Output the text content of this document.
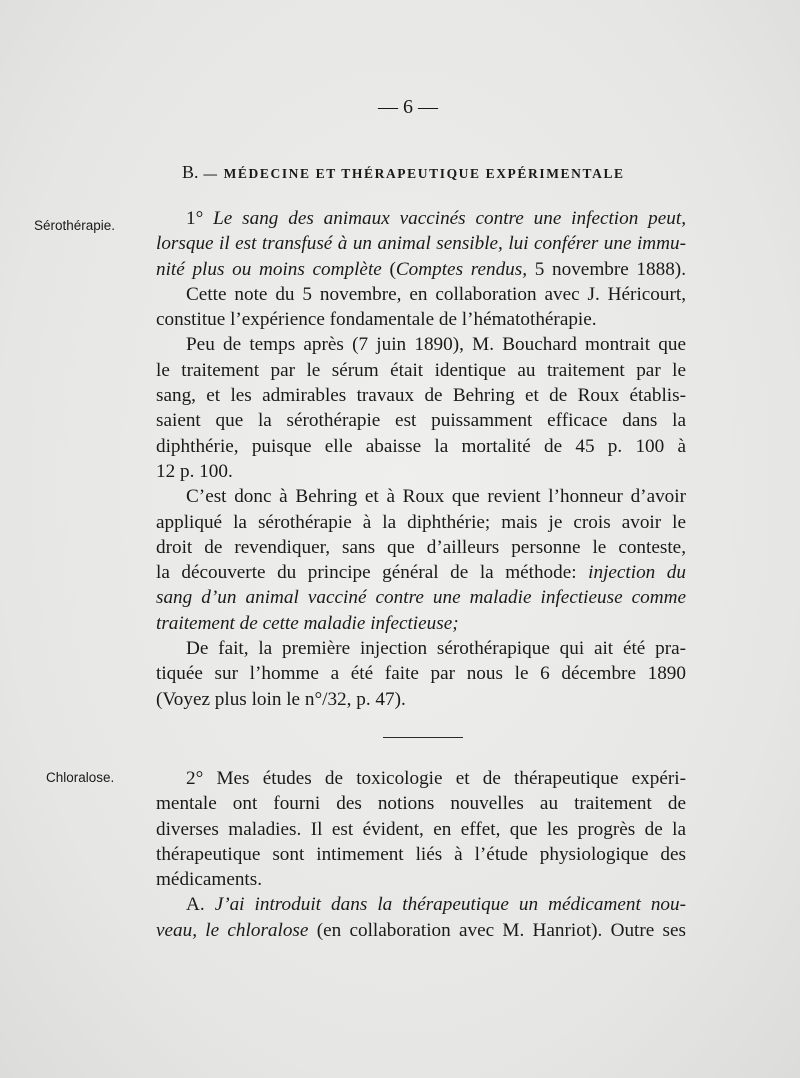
— 6 —
B. — MÉDECINE ET THÉRAPEUTIQUE EXPÉRIMENTALE
Sérothérapie.	1° Le sang des animaux vaccinés contre une infection peut,
lorsque il est transfusé à un animal sensible, lui conférer une immu-
nité plus ou moins complète (Comptes rendus, 5 novembre 1888).

Cette note du 5 novembre, en collaboration avec J. Héricourt,
constitue l’expérience fondamentale de l’hématothérapie.

Peu de temps après (7 juin 1890), M. Bouchard montrait que
le traitement par le sérum était identique au traitement par le
sang, et les admirables travaux de Behring et de Roux établis-
saient que la sérothérapie est puissamment efficace dans la
diphthérie, puisque elle abaisse la mortalité de 45 p. 100 à
12 p. 100.

C’est donc à Behring et à Roux que revient l’honneur d’avoir
appliqué la sérothérapie à la diphthérie; mais je crois avoir le
droit de revendiquer, sans que d’ailleurs personne le conteste,
la découverte du principe général de la méthode: injection du
sang d’un animal vacciné contre une maladie infectieuse comme
traitement de cette maladie infectieuse;

De fait, la première injection sérothérapique qui ait été pra-
tiquée sur l’homme a été faite par nous le 6 décembre 1890
(Voyez plus loin le n°/32, p. 47).

Chloralose.	2° Mes études de toxicologie et de thérapeutique expéri-
mentale ont fourni des notions nouvelles au traitement de
diverses maladies. Il est évident, en effet, que les progrès de la
thérapeutique sont intimement liés à l’étude physiologique des
médicaments.

A. J’ai introduit dans la thérapeutique un médicament nou-
veau, le chloralose (en collaboration avec M. Hanriot). Outre ses
